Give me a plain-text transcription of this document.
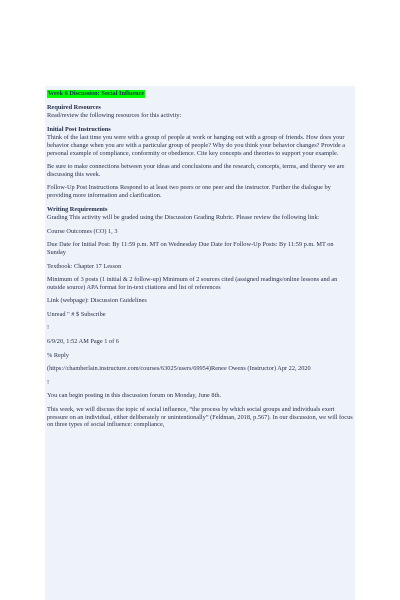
Week 6 Discussion: Social Influence
Required Resources

Read/review the following resources for this activity:

Initial Post Instructions

Think of the last time you were with a group of people at work or hanging out with a group of friends. How does your behavior change when you are with a particular group of people? Why do you think your behavior changes? Provide a personal example of compliance, conformity or obedience. Cite key concepts and theories to support your example.

Be sure to make connections between your ideas and conclusions and the research, concepts, terms, and theory we are discussing this week.

Follow-Up Post Instructions Respond to at least two peers or one peer and the instructor. Further the dialogue by providing more information and clarification.

Writing Requirements

Grading This activity will be graded using the Discussion Grading Rubric. Please review the following link:

Course Outcomes (CO) 1, 3

Due Date for Initial Post: By 11:59 p.m. MT on Wednesday Due Date for Follow-Up Posts: By 11:59 p.m. MT on Sunday

Textbook: Chapter 17 Lesson

Minimum of 3 posts (1 initial & 2 follow-up) Minimum of 2 sources cited (assigned readings/online lessons and an outside source) APA format for in-text citations and list of references

Link (webpage): Discussion Guidelines

Unread " # $ Subscribe

!

6/9/20, 1:52 AM Page 1 of 6

% Reply

(https://chamberlain.instructure.com/courses/63025/users/69954)Renee Owens (Instructor) Apr 22, 2020

!

You can begin posting in this discussion forum on Monday, June 8th.

This week, we will discuss the topic of social influence, “the process by which social groups and individuals exert pressure on an individual, either deliberately or unintentionally” (Feldman, 2018, p.567). In our discussion, we will focus on three types of social influence: compliance,
